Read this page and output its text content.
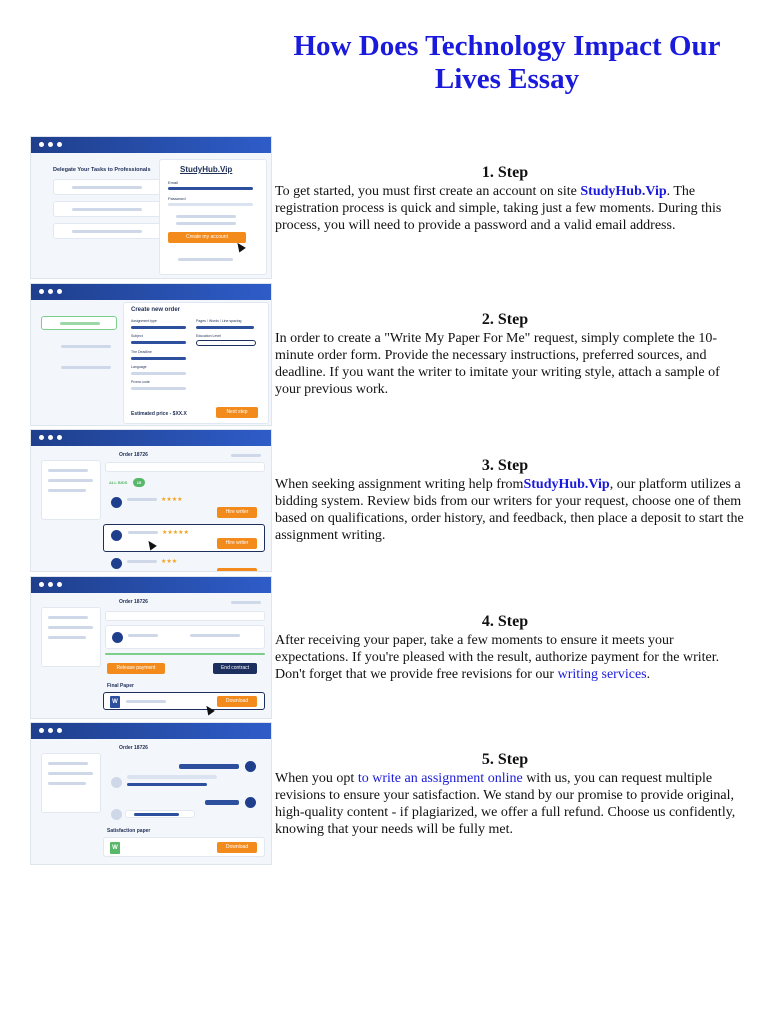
How Does Technology Impact Our Lives Essay
Delegate Your Tasks to Professionals	StudyHub.Vip
Email
Password
Create my account
Create new order
Assignment type	Pages / Words / Line spacing
Subject	Education Level
The Deadline
Language
Promo code
Estimated price - $XX.X	Next step
Order 18726
ALL BIDS	15
★★★★
Hire writer
★★★★★
Hire writer
★★★
Order 18726
Release payment	End contract
Final Paper
W	Download
Order 18726
Satisfaction paper
W	Download
1. Step
To get started, you must first create an account on site StudyHub.Vip. The registration process is quick and simple, taking just a few moments. During this process, you will need to provide a password and a valid email address.
2. Step
In order to create a "Write My Paper For Me" request, simply complete the 10-minute order form. Provide the necessary instructions, preferred sources, and deadline. If you want the writer to imitate your writing style, attach a sample of your previous work.
3. Step
When seeking assignment writing help fromStudyHub.Vip, our platform utilizes a bidding system. Review bids from our writers for your request, choose one of them based on qualifications, order history, and feedback, then place a deposit to start the assignment writing.
4. Step
After receiving your paper, take a few moments to ensure it meets your expectations. If you're pleased with the result, authorize payment for the writer. Don't forget that we provide free revisions for our writing services.
5. Step
When you opt to write an assignment online with us, you can request multiple revisions to ensure your satisfaction. We stand by our promise to provide original, high-quality content - if plagiarized, we offer a full refund. Choose us confidently, knowing that your needs will be fully met.
